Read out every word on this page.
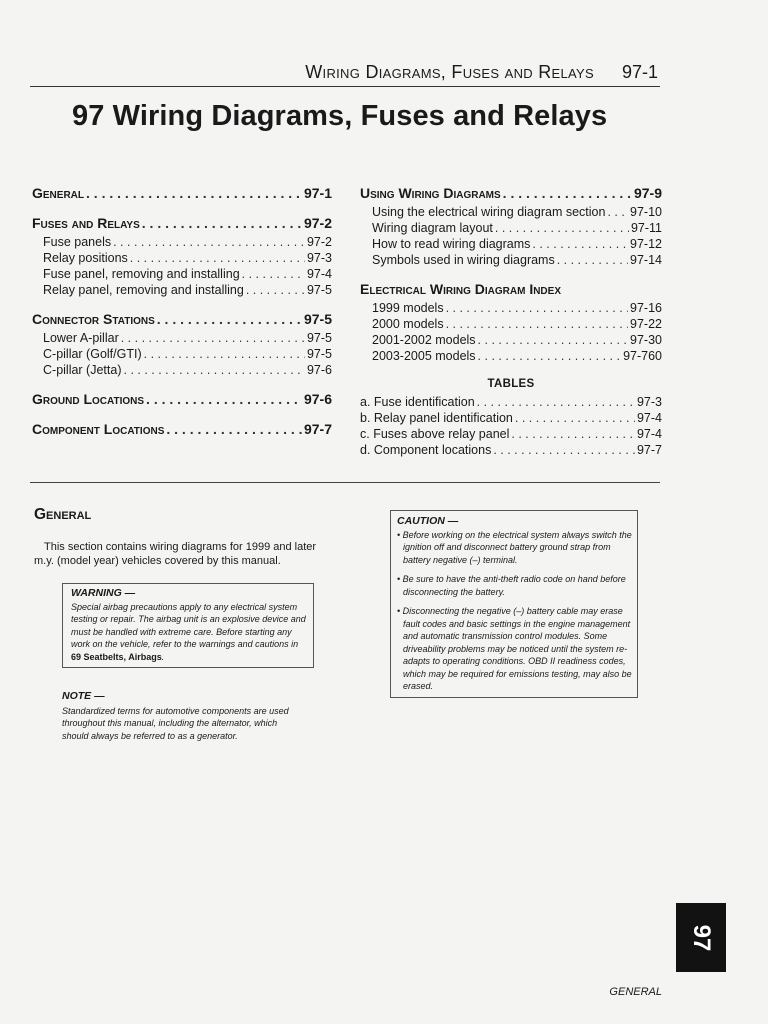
Wiring Diagrams, Fuses and Relays 97-1
97 Wiring Diagrams, Fuses and Relays
General . . .	97-1
Fuses and Relays . . .	97-2
Fuse panels . . .	97-2
Relay positions . . .	97-3
Fuse panel, removing and installing . . .	97-4
Relay panel, removing and installing . . .	97-5
Connector Stations . . .	97-5
Lower A-pillar . . .	97-5
C-pillar (Golf/GTI) . . .	97-5
C-pillar (Jetta) . . .	97-6
Ground Locations . . .	97-6
Component Locations . . .	97-7
Using Wiring Diagrams . . .	97-9
Using the electrical wiring diagram section . . . 97-10
Wiring diagram layout . . .	97-11
How to read wiring diagrams . . .	97-12
Symbols used in wiring diagrams . . .	97-14
Electrical Wiring Diagram Index
1999 models . . .	97-16
2000 models . . .	97-22
2001-2002 models . . .	97-30
2003-2005 models . . .	97-760
TABLES
a. Fuse identification . . .	97-3
b. Relay panel identification . . .	97-4
c. Fuses above relay panel . . .	97-4
d. Component locations . . .	97-7
General
This section contains wiring diagrams for 1999 and later m.y. (model year) vehicles covered by this manual.
WARNING —
Special airbag precautions apply to any electrical system testing or repair. The airbag unit is an explosive device and must be handled with extreme care. Before starting any work on the vehicle, refer to the warnings and cautions in 69 Seatbelts, Airbags.
NOTE —
Standardized terms for automotive components are used throughout this manual, including the alternator, which should always be referred to as a generator.
CAUTION —
• Before working on the electrical system always switch the ignition off and disconnect battery ground strap from battery negative (–) terminal.
• Be sure to have the anti-theft radio code on hand before disconnecting the battery.
• Disconnecting the negative (–) battery cable may erase fault codes and basic settings in the engine management and automatic transmission control modules. Some driveability problems may be noticed until the system re-adapts to operating conditions. OBD II readiness codes, which may be required for emissions testing, may also be erased.
97
GENERAL
